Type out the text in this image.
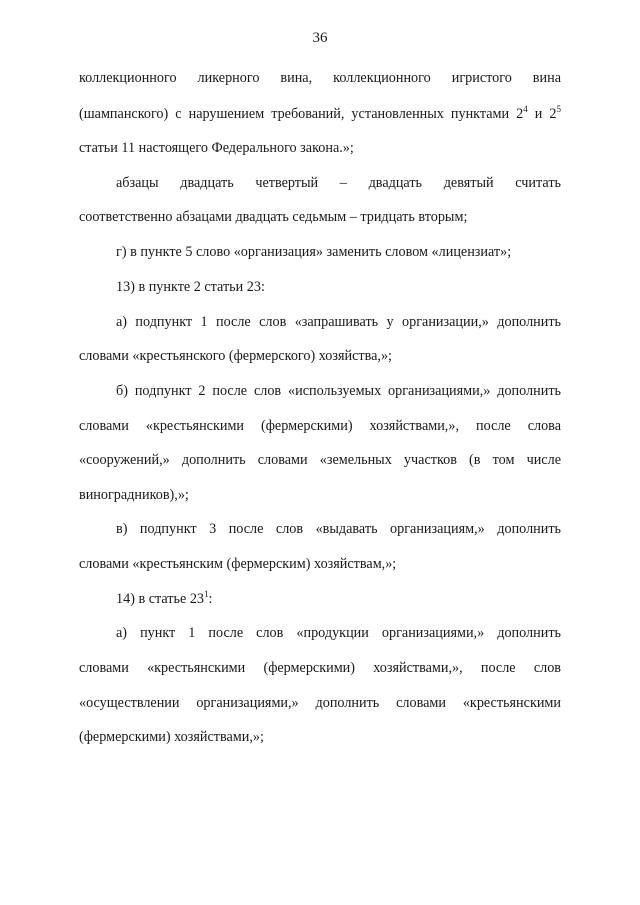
36
коллекционного ликерного вина, коллекционного игристого вина
(шампанского) с нарушением требований, установленных пунктами $2^4$ и $2^5$
статьи 11 настоящего Федерального закона.»;
абзацы двадцать четвертый – двадцать девятый считать
соответственно абзацами двадцать седьмым – тридцать вторым;
г) в пункте 5 слово «организация» заменить словом «лицензиат»;
13) в пункте 2 статьи 23:
а) подпункт 1 после слов «запрашивать у организации,» дополнить
словами «крестьянского (фермерского) хозяйства,»;
б) подпункт 2 после слов «используемых организациями,» дополнить
словами «крестьянскими (фермерскими) хозяйствами,», после слова
«сооружений,» дополнить словами «земельных участков (в том числе
виноградников),»;
в) подпункт 3 после слов «выдавать организациям,» дополнить
словами «крестьянским (фермерским) хозяйствам,»;
14) в статье $23^1$:
а) пункт 1 после слов «продукции организациями,» дополнить
словами «крестьянскими (фермерскими) хозяйствами,», после слов
«осуществлении организациями,» дополнить словами «крестьянскими
(фермерскими) хозяйствами,»;
